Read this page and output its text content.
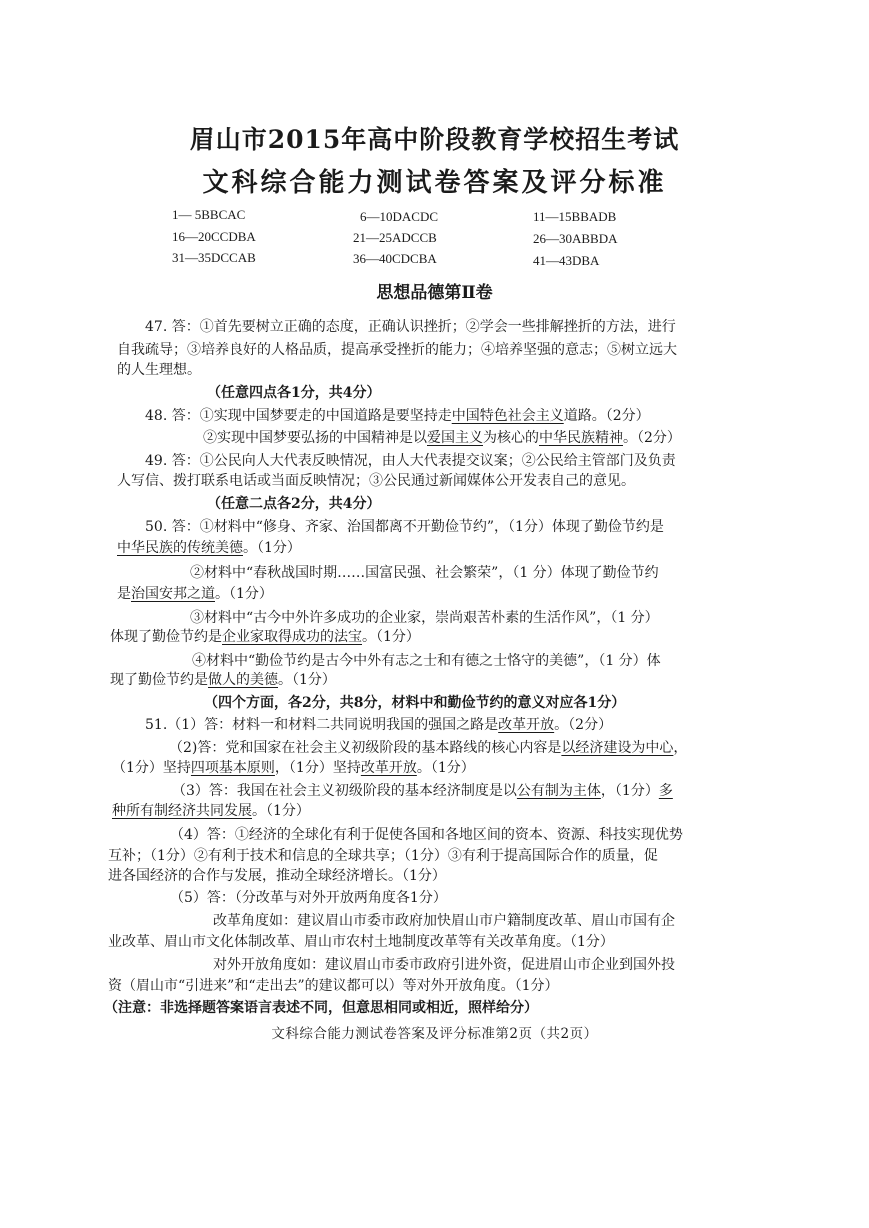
眉山市2015年高中阶段教育学校招生考试
文科综合能力测试卷答案及评分标准
1— 5BBCAC	6—10DACDC	11—15BBADB
16—20CCDBA	21—25ADCCB	26—30ABBDA
31—35DCCAB	36—40CDCBA	41—43DBA
思想品德第Ⅱ卷
47. 答：①首先要树立正确的态度，正确认识挫折；②学会一些排解挫折的方法，进行
自我疏导；③培养良好的人格品质，提高承受挫折的能力；④培养坚强的意志；⑤树立远大
的人生理想。
（任意四点各1分，共4分）
48. 答：①实现中国梦要走的中国道路是要坚持走中国特色社会主义道路。（2分）
②实现中国梦要弘扬的中国精神是以爱国主义为核心的中华民族精神。（2分）
49. 答：①公民向人大代表反映情况，由人大代表提交议案；②公民给主管部门及负责
人写信、拨打联系电话或当面反映情况；③公民通过新闻媒体公开发表自己的意见。
（任意二点各2分，共4分）
50. 答：①材料中“修身、齐家、治国都离不开勤俭节约”，（1分）体现了勤俭节约是
中华民族的传统美德。（1分）
②材料中“春秋战国时期……国富民强、社会繁荣”，（1 分）体现了勤俭节约
是治国安邦之道。（1分）
③材料中“古今中外许多成功的企业家，崇尚艰苦朴素的生活作风”，（1 分）
体现了勤俭节约是企业家取得成功的法宝。（1分）
④材料中“勤俭节约是古今中外有志之士和有德之士恪守的美德”，（1 分）体
现了勤俭节约是做人的美德。（1分）
（四个方面，各2分，共8分，材料中和勤俭节约的意义对应各1分）
51.（1）答：材料一和材料二共同说明我国的强国之路是改革开放。（2分）
（2)答：党和国家在社会主义初级阶段的基本路线的核心内容是以经济建设为中心，
（1分）坚持四项基本原则，（1分）坚持改革开放。（1分）
（3）答：我国在社会主义初级阶段的基本经济制度是以公有制为主体，（1分）多
种所有制经济共同发展。（1分）
（4）答：①经济的全球化有利于促使各国和各地区间的资本、资源、科技实现优势
互补；（1分）②有利于技术和信息的全球共享；（1分）③有利于提高国际合作的质量，促
进各国经济的合作与发展，推动全球经济增长。（1分）
（5）答：（分改革与对外开放两角度各1分）
改革角度如：建议眉山市委市政府加快眉山市户籍制度改革、眉山市国有企
业改革、眉山市文化体制改革、眉山市农村土地制度改革等有关改革角度。（1分）
对外开放角度如：建议眉山市委市政府引进外资，促进眉山市企业到国外投
资（眉山市“引进来”和“走出去”的建议都可以）等对外开放角度。（1分）
（注意：非选择题答案语言表述不同，但意思相同或相近，照样给分）
文科综合能力测试卷答案及评分标准第2页（共2页）
